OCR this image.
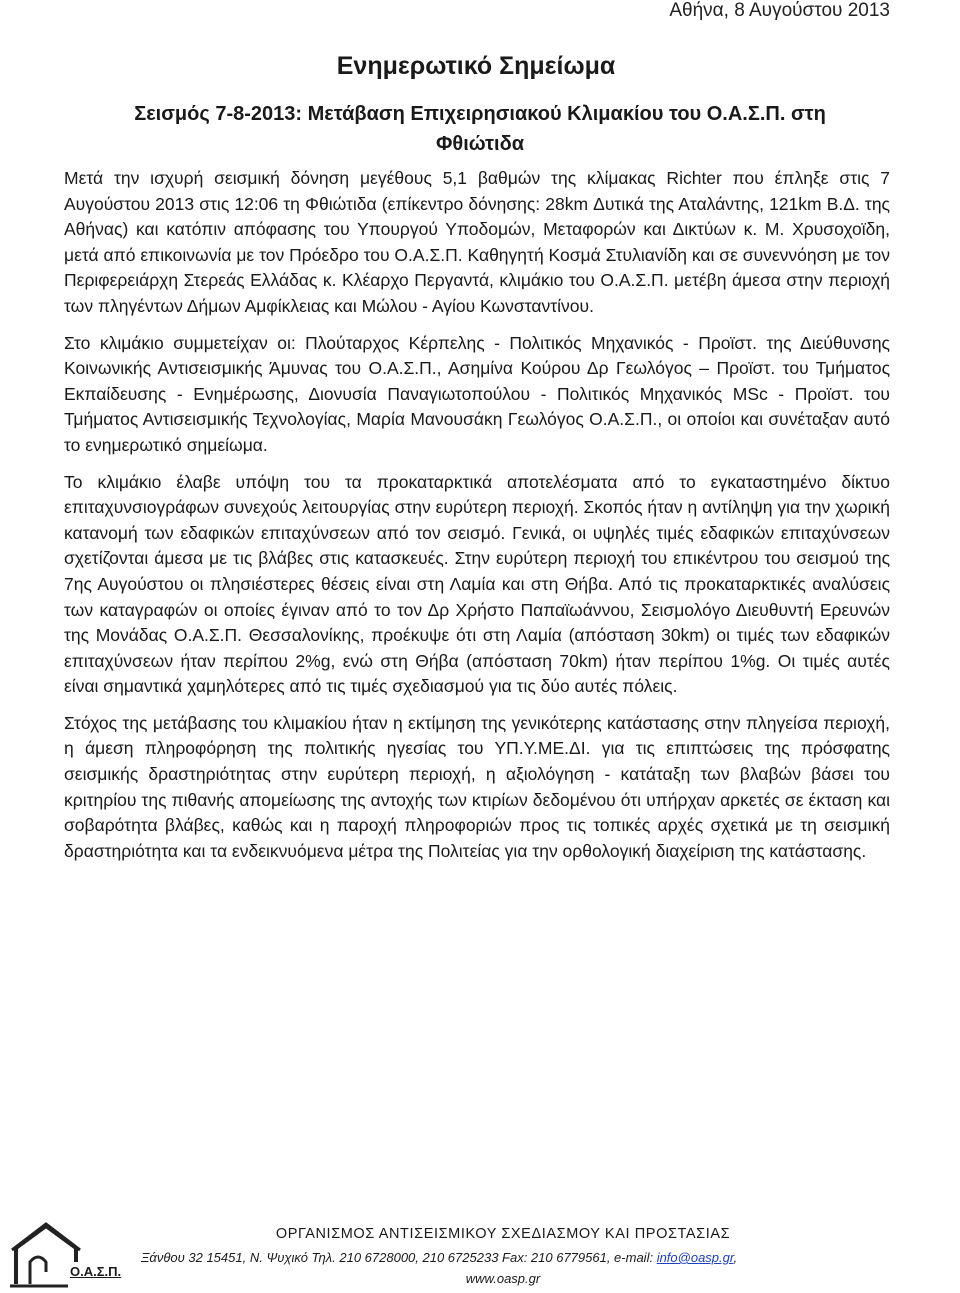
Αθήνα, 8 Αυγούστου 2013
Ενημερωτικό Σημείωμα
Σεισμός 7-8-2013: Μετάβαση Επιχειρησιακού Κλιμακίου του Ο.Α.Σ.Π. στη Φθιώτιδα

Μετά την ισχυρή σεισμική δόνηση μεγέθους 5,1 βαθμών της κλίμακας Richter που έπληξε στις 7 Αυγούστου 2013 στις 12:06 τη Φθιώτιδα (επίκεντρο δόνησης: 28km Δυτικά της Αταλάντης, 121km Β.Δ. της Αθήνας) και κατόπιν απόφασης του Υπουργού Υποδομών, Μεταφορών και Δικτύων κ. Μ. Χρυσοχοϊδη, μετά από επικοινωνία με τον Πρόεδρο του Ο.Α.Σ.Π. Καθηγητή Κοσμά Στυλιανίδη και σε συνεννόηση με τον Περιφερειάρχη Στερεάς Ελλάδας κ. Κλέαρχο Περγαντά, κλιμάκιο του Ο.Α.Σ.Π. μετέβη άμεσα στην περιοχή των πληγέντων Δήμων Αμφίκλειας και Μώλου - Αγίου Κωνσταντίνου.

Στο κλιμάκιο συμμετείχαν οι: Πλούταρχος Κέρπελης - Πολιτικός Μηχανικός - Προϊστ. της Διεύθυνσης Κοινωνικής Αντισεισμικής Άμυνας του Ο.Α.Σ.Π., Ασημίνα Κούρου Δρ Γεωλόγος – Προϊστ. του Τμήματος Εκπαίδευσης - Ενημέρωσης, Διονυσία Παναγιωτοπούλου - Πολιτικός Μηχανικός MSc - Προϊστ. του Τμήματος Αντισεισμικής Τεχνολογίας, Μαρία Μανουσάκη Γεωλόγος Ο.Α.Σ.Π., οι οποίοι και συνέταξαν αυτό το ενημερωτικό σημείωμα.

Το κλιμάκιο έλαβε υπόψη του τα προκαταρκτικά αποτελέσματα από το εγκαταστημένο δίκτυο επιταχυνσιογράφων συνεχούς λειτουργίας στην ευρύτερη περιοχή. Σκοπός ήταν η αντίληψη για την χωρική κατανομή των εδαφικών επιταχύνσεων από τον σεισμό. Γενικά, οι υψηλές τιμές εδαφικών επιταχύνσεων σχετίζονται άμεσα με τις βλάβες στις κατασκευές. Στην ευρύτερη περιοχή του επικέντρου του σεισμού της 7ης Αυγούστου οι πλησιέστερες θέσεις είναι στη Λαμία και στη Θήβα. Από τις προκαταρκτικές αναλύσεις των καταγραφών οι οποίες έγιναν από το τον Δρ Χρήστο Παπαϊωάννου, Σεισμολόγο Διευθυντή Ερευνών της Μονάδας Ο.Α.Σ.Π. Θεσσαλονίκης, προέκυψε ότι στη Λαμία (απόσταση 30km) οι τιμές των εδαφικών επιταχύνσεων ήταν περίπου 2%g, ενώ στη Θήβα (απόσταση 70km) ήταν περίπου 1%g. Οι τιμές αυτές είναι σημαντικά χαμηλότερες από τις τιμές σχεδιασμού για τις δύο αυτές πόλεις.

Στόχος της μετάβασης του κλιμακίου ήταν η εκτίμηση της γενικότερης κατάστασης στην πληγείσα περιοχή, η άμεση πληροφόρηση της πολιτικής ηγεσίας του ΥΠ.Υ.ΜΕ.ΔΙ. για τις επιπτώσεις της πρόσφατης σεισμικής δραστηριότητας στην ευρύτερη περιοχή, η αξιολόγηση - κατάταξη των βλαβών βάσει του κριτηρίου της πιθανής απομείωσης της αντοχής των κτιρίων δεδομένου ότι υπήρχαν αρκετές σε έκταση και σοβαρότητα βλάβες, καθώς και η παροχή πληροφοριών προς τις τοπικές αρχές σχετικά με τη σεισμική δραστηριότητα και τα ενδεικνυόμενα μέτρα της Πολιτείας για την ορθολογική διαχείριση της κατάστασης.

Ο.Α.Σ.Π.
ΟΡΓΑΝΙΣΜΟΣ ΑΝΤΙΣΕΙΣΜΙΚΟΥ ΣΧΕΔΙΑΣΜΟΥ ΚΑΙ ΠΡΟΣΤΑΣΙΑΣ
Ξάνθου 32 15451, Ν. Ψυχικό Τηλ. 210 6728000, 210 6725233 Fax: 210 6779561, e-mail: info@oasp.gr,
www.oasp.gr
